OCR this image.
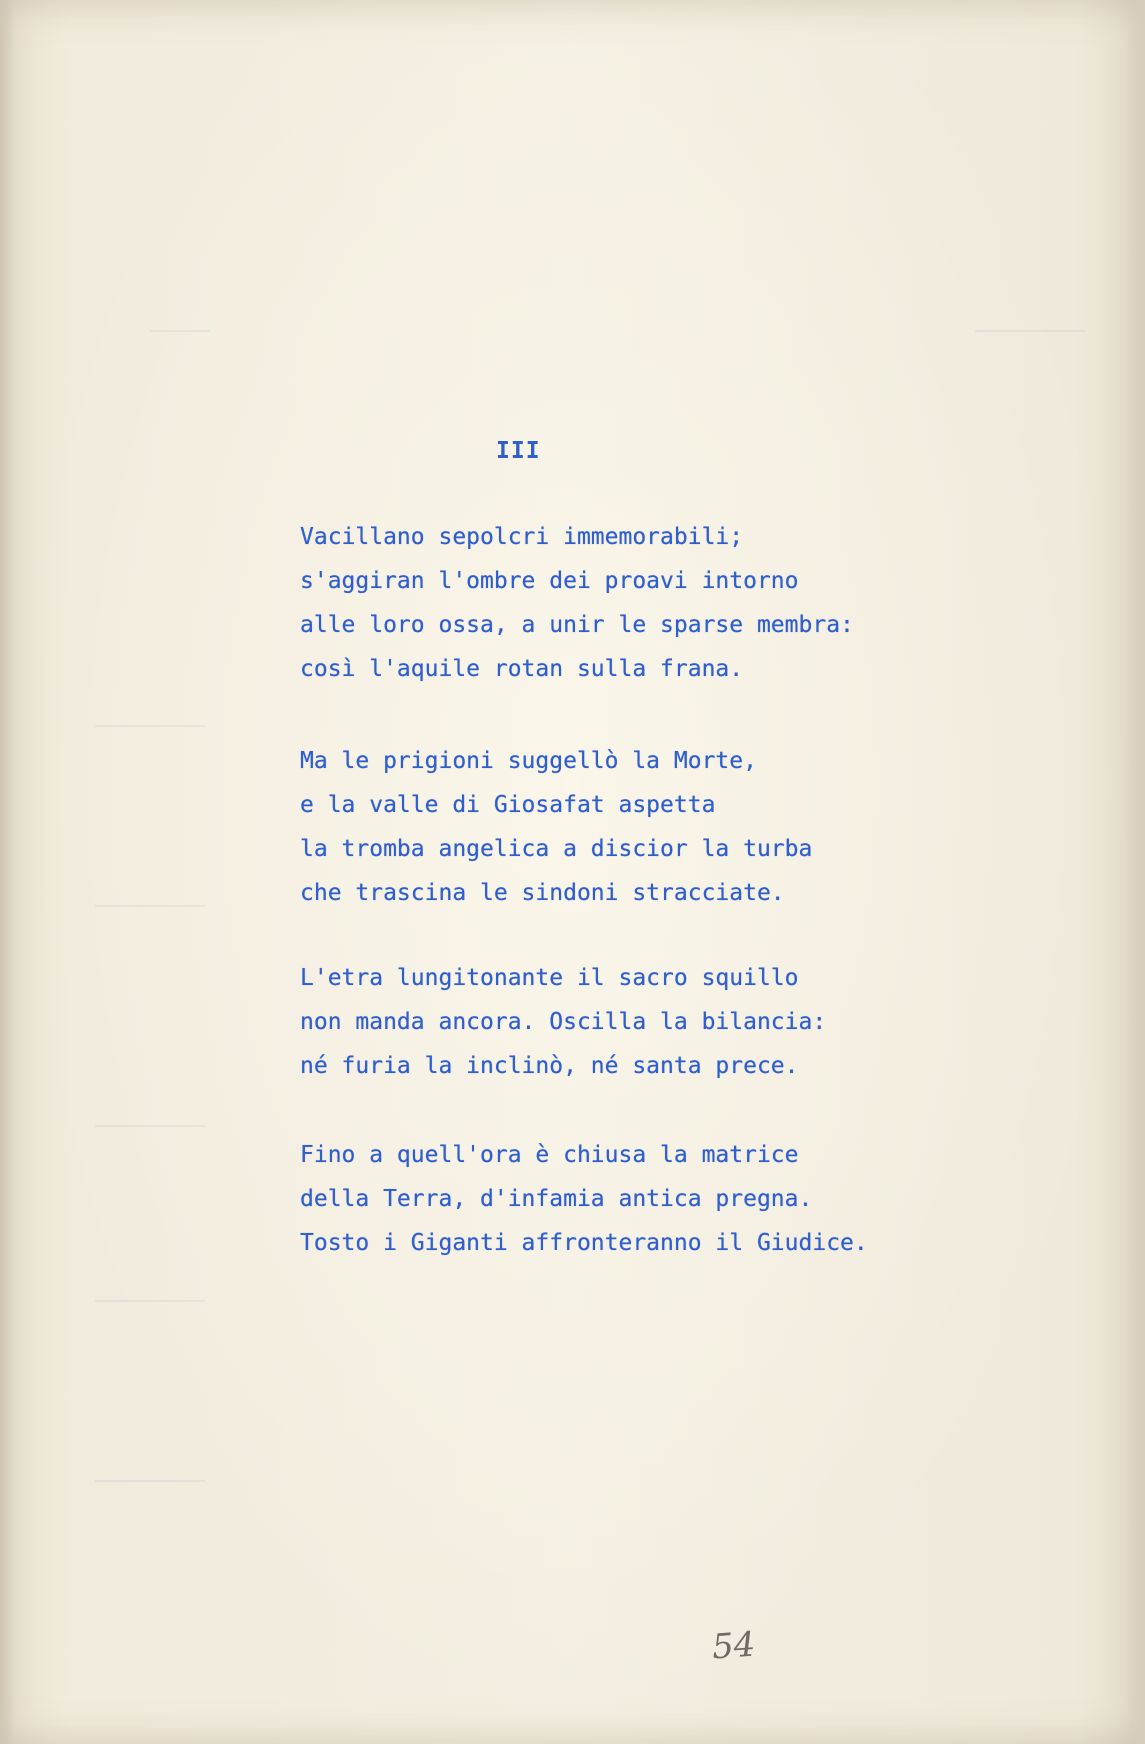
III
Vacillano sepolcri immemorabili;
s'aggiran l'ombre dei proavi intorno
alle loro ossa, a unir le sparse membra:
così l'aquile rotan sulla frana.
Ma le prigioni suggellò la Morte,
e la valle di Giosafat aspetta
la tromba angelica a discior la turba
che trascina le sindoni stracciate.
L'etra lungitonante il sacro squillo
non manda ancora. Oscilla la bilancia:
né furia la inclinò, né santa prece.
Fino a quell'ora è chiusa la matrice
della Terra, d'infamia antica pregna.
Tosto i Giganti affronteranno il Giudice.
54
